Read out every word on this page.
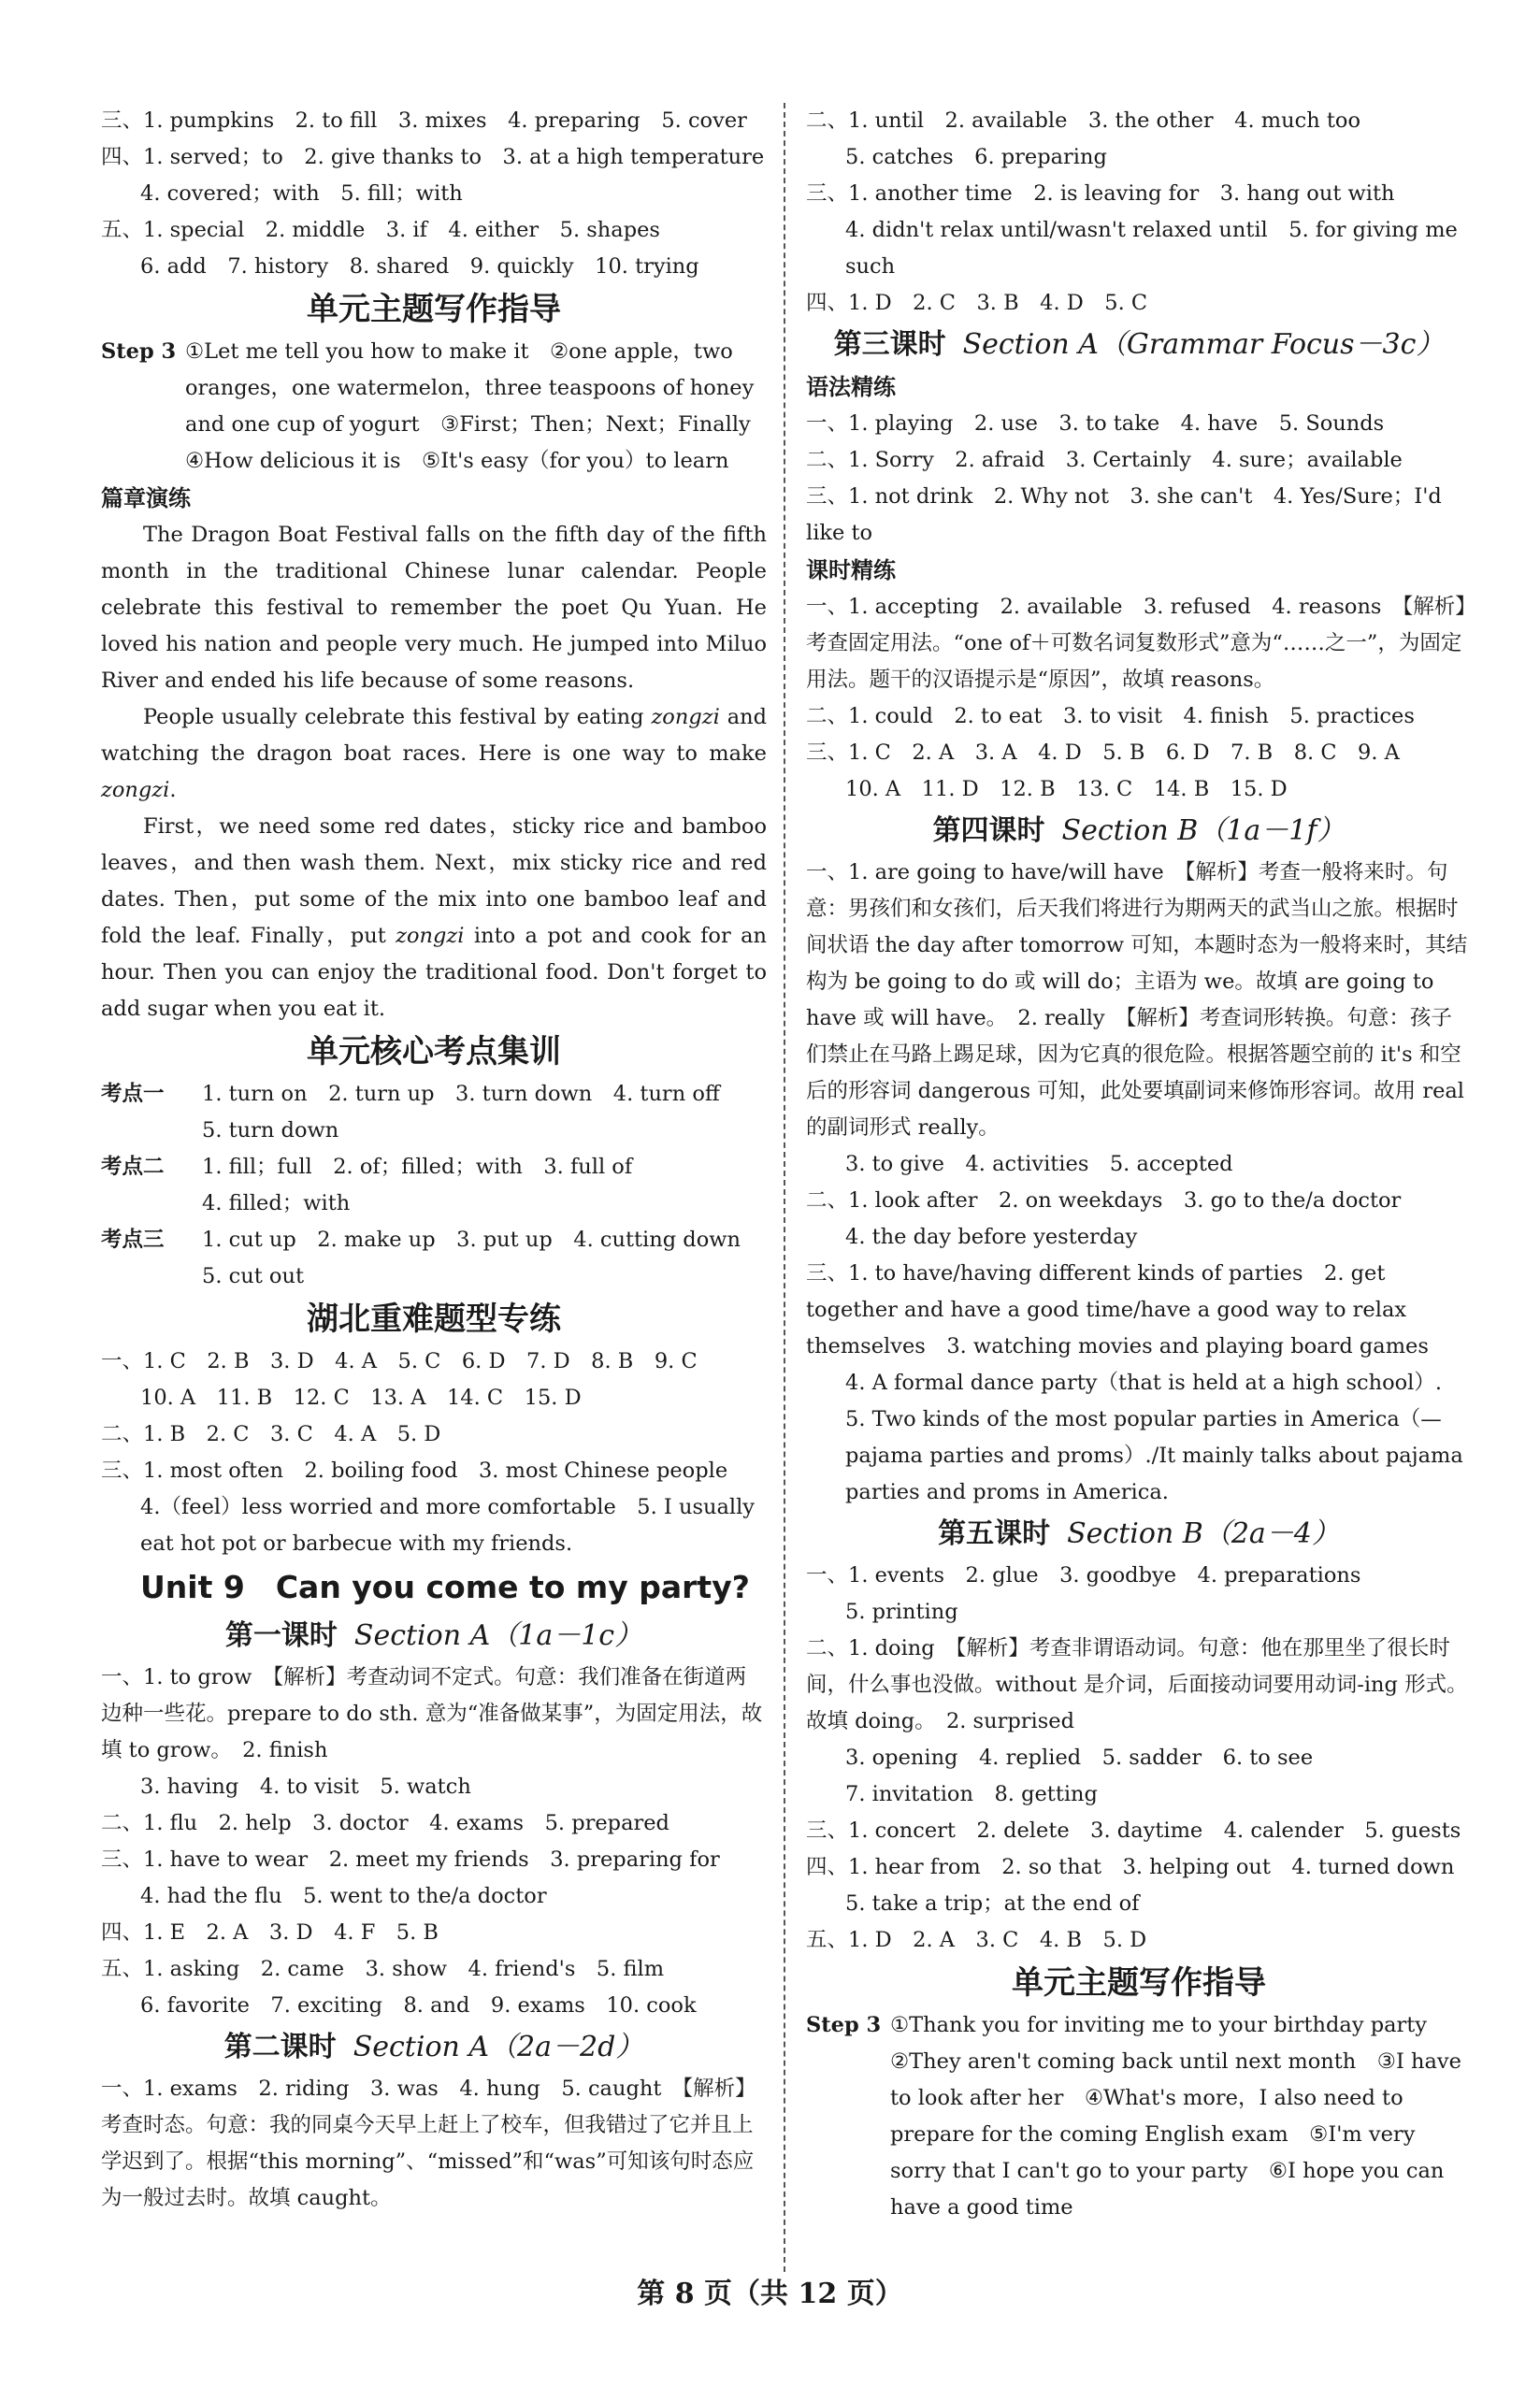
三、1. pumpkins　2. to fill　3. mixes　4. preparing　5. cover

四、1. served；to　2. give thanks to　3. at a high temperature

4. covered；with　5. fill；with

五、1. special　2. middle　3. if　4. either　5. shapes

6. add　7. history　8. shared　9. quickly　10. trying

单元主题写作指导

Step 3 ①Let me tell you how to make it　②one apple，two oranges，one watermelon，three teaspoons of honey and one cup of yogurt　③First；Then；Next；Finally　④How delicious it is　⑤It's easy（for you）to learn

篇章演练

The Dragon Boat Festival falls on the fifth day of the fifth month in the traditional Chinese lunar calendar. People celebrate this festival to remember the poet Qu Yuan. He loved his nation and people very much. He jumped into Miluo River and ended his life because of some reasons.

People usually celebrate this festival by eating zongzi and watching the dragon boat races. Here is one way to make zongzi.

First，we need some red dates，sticky rice and bamboo leaves，and then wash them. Next，mix sticky rice and red dates. Then，put some of the mix into one bamboo leaf and fold the leaf. Finally，put zongzi into a pot and cook for an hour. Then you can enjoy the traditional food. Don't forget to add sugar when you eat it.

单元核心考点集训

考点一	1. turn on　2. turn up　3. turn down　4. turn off
5. turn down
考点二	1. fill；full　2. of；filled；with　3. full of
4. filled；with
考点三	1. cut up　2. make up　3. put up　4. cutting down
5. cut out

湖北重难题型专练

一、1. C　2. B　3. D　4. A　5. C　6. D　7. D　8. B　9. C

10. A　11. B　12. C　13. A　14. C　15. D

二、1. B　2. C　3. C　4. A　5. D

三、1. most often　2. boiling food　3. most Chinese people

4.（feel）less worried and more comfortable　5. I usually eat hot pot or barbecue with my friends.

Unit 9　Can you come to my party?

第一课时 Section A（1a－1c）

一、1. to grow　【解析】考查动词不定式。句意：我们准备在街道两边种一些花。prepare to do sth. 意为“准备做某事”，为固定用法，故填 to grow。　2. finish

3. having　4. to visit　5. watch

二、1. flu　2. help　3. doctor　4. exams　5. prepared

三、1. have to wear　2. meet my friends　3. preparing for

4. had the flu　5. went to the/a doctor

四、1. E　2. A　3. D　4. F　5. B

五、1. asking　2. came　3. show　4. friend's　5. film

6. favorite　7. exciting　8. and　9. exams　10. cook

第二课时 Section A（2a－2d）

一、1. exams　2. riding　3. was　4. hung　5. caught　【解析】考查时态。句意：我的同桌今天早上赶上了校车，但我错过了它并且上学迟到了。根据“this morning”、“missed”和“was”可知该句时态应为一般过去时。故填 caught。

二、1. until　2. available　3. the other　4. much too

5. catches　6. preparing

三、1. another time　2. is leaving for　3. hang out with

4. didn't relax until/wasn't relaxed until　5. for giving me such

四、1. D　2. C　3. B　4. D　5. C

第三课时 Section A（Grammar Focus－3c）

语法精练

一、1. playing　2. use　3. to take　4. have　5. Sounds

二、1. Sorry　2. afraid　3. Certainly　4. sure；available

三、1. not drink　2. Why not　3. she can't　4. Yes/Sure；I'd like to

课时精练

一、1. accepting　2. available　3. refused　4. reasons　【解析】考查固定用法。“one of＋可数名词复数形式”意为“……之一”，为固定用法。题干的汉语提示是“原因”，故填 reasons。

二、1. could　2. to eat　3. to visit　4. finish　5. practices

三、1. C　2. A　3. A　4. D　5. B　6. D　7. B　8. C　9. A

10. A　11. D　12. B　13. C　14. B　15. D

第四课时 Section B（1a－1f）

一、1. are going to have/will have　【解析】考查一般将来时。句意：男孩们和女孩们，后天我们将进行为期两天的武当山之旅。根据时间状语 the day after tomorrow 可知，本题时态为一般将来时，其结构为 be going to do 或 will do；主语为 we。故填 are going to have 或 will have。　2. really　【解析】考查词形转换。句意：孩子们禁止在马路上踢足球，因为它真的很危险。根据答题空前的 it's 和空后的形容词 dangerous 可知，此处要填副词来修饰形容词。故用 real 的副词形式 really。

3. to give　4. activities　5. accepted

二、1. look after　2. on weekdays　3. go to the/a doctor

4. the day before yesterday

三、1. to have/having different kinds of parties　2. get together and have a good time/have a good way to relax themselves　3. watching movies and playing board games

4. A formal dance party（that is held at a high school）.

5. Two kinds of the most popular parties in America（— pajama parties and proms）./It mainly talks about pajama parties and proms in America.

第五课时 Section B（2a－4）

一、1. events　2. glue　3. goodbye　4. preparations

5. printing

二、1. doing　【解析】考查非谓语动词。句意：他在那里坐了很长时间，什么事也没做。without 是介词，后面接动词要用动词-ing 形式。故填 doing。　2. surprised

3. opening　4. replied　5. sadder　6. to see

7. invitation　8. getting

三、1. concert　2. delete　3. daytime　4. calender　5. guests

四、1. hear from　2. so that　3. helping out　4. turned down

5. take a trip；at the end of

五、1. D　2. A　3. C　4. B　5. D

单元主题写作指导

Step 3 ①Thank you for inviting me to your birthday party　②They aren't coming back until next month　③I have to look after her　④What's more，I also need to prepare for the coming English exam　⑤I'm very sorry that I can't go to your party　⑥I hope you can have a good time
第 8 页（共 12 页）
